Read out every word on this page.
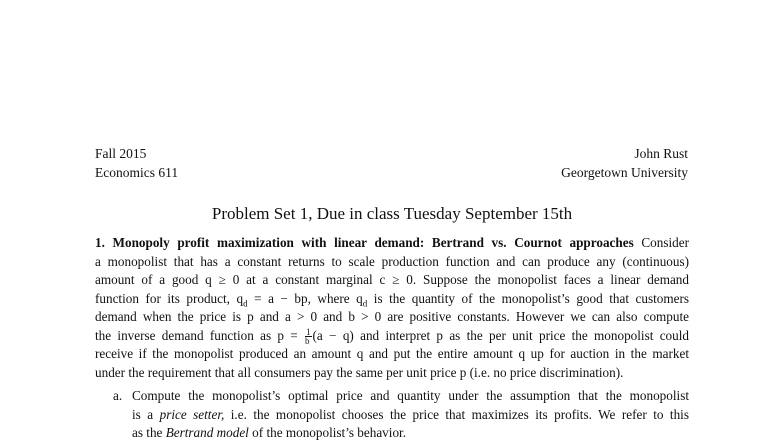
Fall 2015
Economics 611
John Rust
Georgetown University
Problem Set 1, Due in class Tuesday September 15th
1. Monopoly profit maximization with linear demand: Bertrand vs. Cournot approaches Consider
a monopolist that has a constant returns to scale production function and can produce any (continuous)
amount of a good q ≥ 0 at a constant marginal c ≥ 0. Suppose the monopolist faces a linear demand
function for its product, $q_d = a$ − bp, where $q_d$ is the quantity of the monopolist’s good that customers
demand when the price is p and a > 0 and b > 0 are positive constants. However we can also compute
the inverse demand function as $p = \frac{1}{b} (a - q)$ and interpret p as the per unit price the monopolist could
receive if the monopolist produced an amount q and put the entire amount q up for auction in the market
under the requirement that all consumers pay the same per unit price p (i.e. no price discrimination).
a. Compute the monopolist’s optimal price and quantity under the assumption that the monopolist
is a price setter, i.e. the monopolist chooses the price that maximizes its profits. We refer to this
as the Bertrand model of the monopolist’s behavior.
